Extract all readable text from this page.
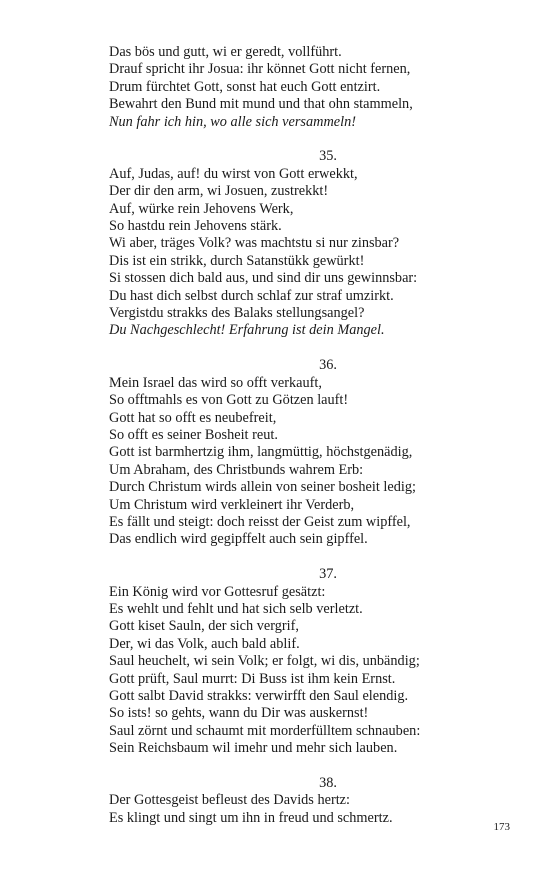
Das bös und gutt, wi er geredt, vollführt.
Drauf spricht ihr Josua: ihr könnet Gott nicht fernen,
Drum fürchtet Gott, sonst hat euch Gott entzirt.
Bewahrt den Bund mit mund und that ohn stammeln,
Nun fahr ich hin, wo alle sich versammeln!
35.
Auf, Judas, auf! du wirst von Gott erwekkt,
Der dir den arm, wi Josuen, zustrekkt!
Auf, würke rein Jehovens Werk,
So hastdu rein Jehovens stärk.
Wi aber, träges Volk? was machtstu si nur zinsbar?
Dis ist ein strikk, durch Satanstükk gewürkt!
Si stossen dich bald aus, und sind dir uns gewinnsbar:
Du hast dich selbst durch schlaf zur straf umzirkt.
Vergistdu strakks des Balaks stellungsangel?
Du Nachgeschlecht! Erfahrung ist dein Mangel.
36.
Mein Israel das wird so offt verkauft,
So offtmahls es von Gott zu Götzen lauft!
Gott hat so offt es neubefreit,
So offt es seiner Bosheit reut.
Gott ist barmhertzig ihm, langmüttig, höchstgenädig,
Um Abraham, des Christbunds wahrem Erb:
Durch Christum wirds allein von seiner bosheit ledig;
Um Christum wird verkleinert ihr Verderb,
Es fällt und steigt: doch reisst der Geist zum wipffel,
Das endlich wird gegipffelt auch sein gipffel.
37.
Ein König wird vor Gottesruf gesätzt:
Es wehlt und fehlt und hat sich selb verletzt.
Gott kiset Sauln, der sich vergrif,
Der, wi das Volk, auch bald ablif.
Saul heuchelt, wi sein Volk; er folgt, wi dis, unbändig;
Gott prüft, Saul murrt: Di Buss ist ihm kein Ernst.
Gott salbt David strakks: verwirfft den Saul elendig.
So ists! so gehts, wann du Dir was auskernst!
Saul zörnt und schaumt mit morderfülltem schnauben:
Sein Reichsbaum wil imehr und mehr sich lauben.
38.
Der Gottesgeist befleust des Davids hertz:
Es klingt und singt um ihn in freud und schmertz.
173
